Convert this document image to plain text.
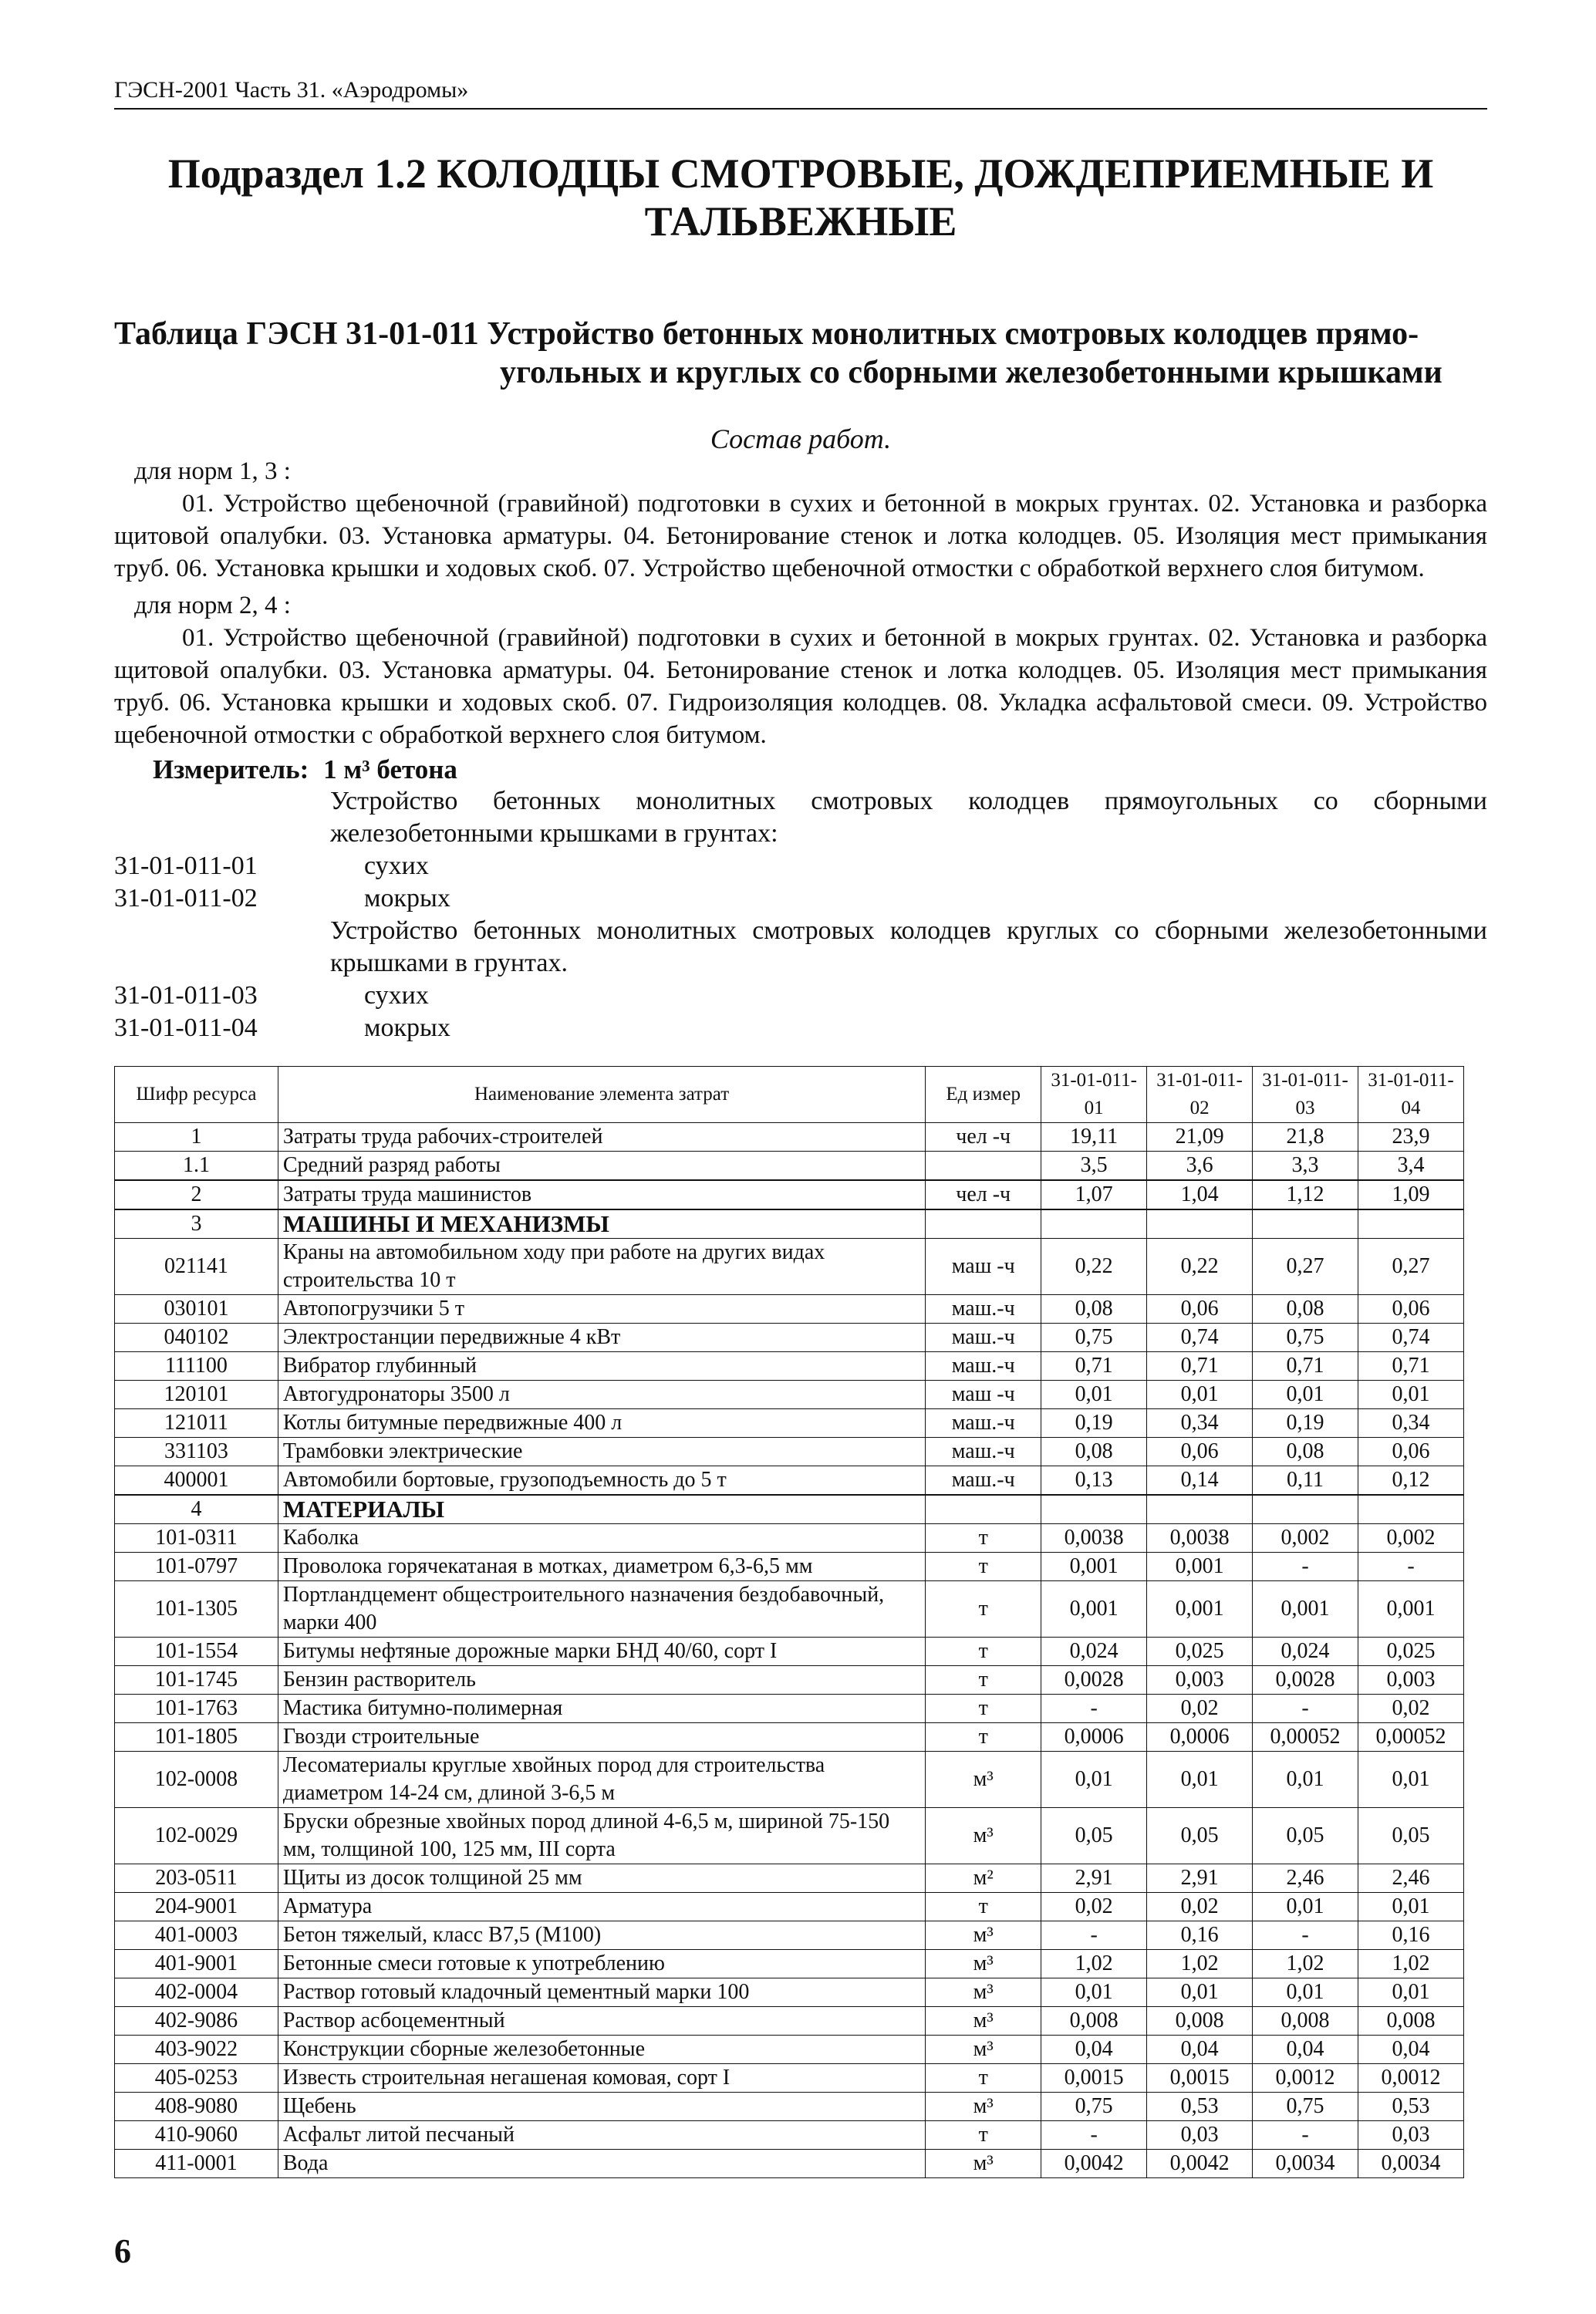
ГЭСН-2001 Часть 31. «Аэродромы»
Подраздел 1.2 КОЛОДЦЫ СМОТРОВЫЕ, ДОЖДЕПРИЕМНЫЕ И ТАЛЬВЕЖНЫЕ
Таблица ГЭСН 31-01-011 Устройство бетонных монолитных смотровых колодцев прямо-
угольных и круглых со сборными железобетонными крышками
Состав работ.
для норм 1, 3 :
01. Устройство щебеночной (гравийной) подготовки в сухих и бетонной в мокрых грунтах. 02. Установка и разборка щитовой опалубки. 03. Установка арматуры. 04. Бетонирование стенок и лотка колодцев. 05. Изоляция мест примыкания труб. 06. Установка крышки и ходовых скоб. 07. Устройство щебеночной отмостки с обработкой верхнего слоя битумом.
для норм 2, 4 :
01. Устройство щебеночной (гравийной) подготовки в сухих и бетонной в мокрых грунтах. 02. Установка и разборка щитовой опалубки. 03. Установка арматуры. 04. Бетонирование стенок и лотка колодцев. 05. Изоляция мест примыкания труб. 06. Установка крышки и ходовых скоб. 07. Гидроизоляция колодцев. 08. Укладка асфальтовой смеси. 09. Устройство щебеночной отмостки с обработкой верхнего слоя битумом.
Измеритель: 1 м³ бетона
Устройство бетонных монолитных смотровых колодцев прямоугольных со сборными железобетонными крышками в грунтах:
31-01-011-01	сухих
31-01-011-02	мокрых
Устройство бетонных монолитных смотровых колодцев круглых со сборными железобетонными крышками в грунтах.
31-01-011-03	сухих
31-01-011-04	мокрых
Шифр ресурса	Наименование элемента затрат	Ед измер	31-01-011-01	31-01-011-02	31-01-011-03	31-01-011-04
1	Затраты труда рабочих-строителей	чел -ч	19,11	21,09	21,8	23,9
1.1	Средний разряд работы		3,5	3,6	3,3	3,4
2	Затраты труда машинистов	чел -ч	1,07	1,04	1,12	1,09
3	МАШИНЫ И МЕХАНИЗМЫ					
021141	Краны на автомобильном ходу при работе на других видах строительства 10 т	маш -ч	0,22	0,22	0,27	0,27
030101	Автопогрузчики 5 т	маш.-ч	0,08	0,06	0,08	0,06
040102	Электростанции передвижные 4 кВт	маш.-ч	0,75	0,74	0,75	0,74
111100	Вибратор глубинный	маш.-ч	0,71	0,71	0,71	0,71
120101	Автогудронаторы 3500 л	маш -ч	0,01	0,01	0,01	0,01
121011	Котлы битумные передвижные 400 л	маш.-ч	0,19	0,34	0,19	0,34
331103	Трамбовки электрические	маш.-ч	0,08	0,06	0,08	0,06
400001	Автомобили бортовые, грузоподъемность до 5 т	маш.-ч	0,13	0,14	0,11	0,12
4	МАТЕРИАЛЫ					
101-0311	Каболка	т	0,0038	0,0038	0,002	0,002
101-0797	Проволока горячекатаная в мотках, диаметром 6,3-6,5 мм	т	0,001	0,001	-	-
101-1305	Портландцемент общестроительного назначения бездобавочный, марки 400	т	0,001	0,001	0,001	0,001
101-1554	Битумы нефтяные дорожные марки БНД 40/60, сорт I	т	0,024	0,025	0,024	0,025
101-1745	Бензин растворитель	т	0,0028	0,003	0,0028	0,003
101-1763	Мастика битумно-полимерная	т	-	0,02	-	0,02
101-1805	Гвозди строительные	т	0,0006	0,0006	0,00052	0,00052
102-0008	Лесоматериалы круглые хвойных пород для строительства диаметром 14-24 см, длиной 3-6,5 м	м³	0,01	0,01	0,01	0,01
102-0029	Бруски обрезные хвойных пород длиной 4-6,5 м, шириной 75-150 мм, толщиной 100, 125 мм, III сорта	м³	0,05	0,05	0,05	0,05
203-0511	Щиты из досок толщиной 25 мм	м²	2,91	2,91	2,46	2,46
204-9001	Арматура	т	0,02	0,02	0,01	0,01
401-0003	Бетон тяжелый, класс В7,5 (М100)	м³	-	0,16	-	0,16
401-9001	Бетонные смеси готовые к употреблению	м³	1,02	1,02	1,02	1,02
402-0004	Раствор готовый кладочный цементный марки 100	м³	0,01	0,01	0,01	0,01
402-9086	Раствор асбоцементный	м³	0,008	0,008	0,008	0,008
403-9022	Конструкции сборные железобетонные	м³	0,04	0,04	0,04	0,04
405-0253	Известь строительная негашеная комовая, сорт I	т	0,0015	0,0015	0,0012	0,0012
408-9080	Щебень	м³	0,75	0,53	0,75	0,53
410-9060	Асфальт литой песчаный	т	-	0,03	-	0,03
411-0001	Вода	м³	0,0042	0,0042	0,0034	0,0034
6
